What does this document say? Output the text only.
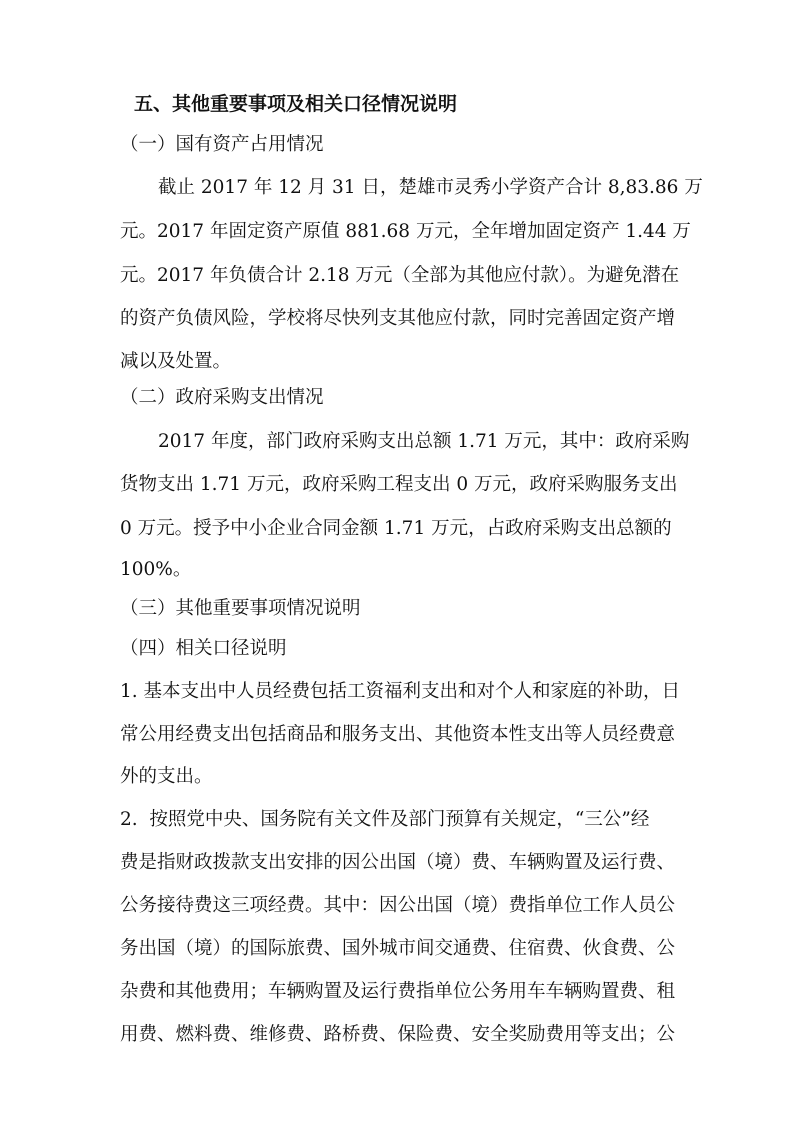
五、其他重要事项及相关口径情况说明
（一）国有资产占用情况
截止 2017 年 12 月 31 日，楚雄市灵秀小学资产合计 8,83.86 万
元。2017 年固定资产原值 881.68 万元，全年增加固定资产 1.44 万
元。2017 年负债合计 2.18 万元（全部为其他应付款）。为避免潜在
的资产负债风险，学校将尽快列支其他应付款，同时完善固定资产增
减以及处置。
（二）政府采购支出情况
2017 年度，部门政府采购支出总额 1.71 万元，其中：政府采购
货物支出 1.71 万元，政府采购工程支出 0 万元，政府采购服务支出
0 万元。授予中小企业合同金额 1.71 万元，占政府采购支出总额的
100%。
（三）其他重要事项情况说明
（四）相关口径说明
1. 基本支出中人员经费包括工资福利支出和对个人和家庭的补助，日
常公用经费支出包括商品和服务支出、其他资本性支出等人员经费意
外的支出。
2.  按照党中央、国务院有关文件及部门预算有关规定，“三公”经
费是指财政拨款支出安排的因公出国（境）费、车辆购置及运行费、
公务接待费这三项经费。其中：因公出国（境）费指单位工作人员公
务出国（境）的国际旅费、国外城市间交通费、住宿费、伙食费、公
杂费和其他费用；车辆购置及运行费指单位公务用车车辆购置费、租
用费、燃料费、维修费、路桥费、保险费、安全奖励费用等支出；公
